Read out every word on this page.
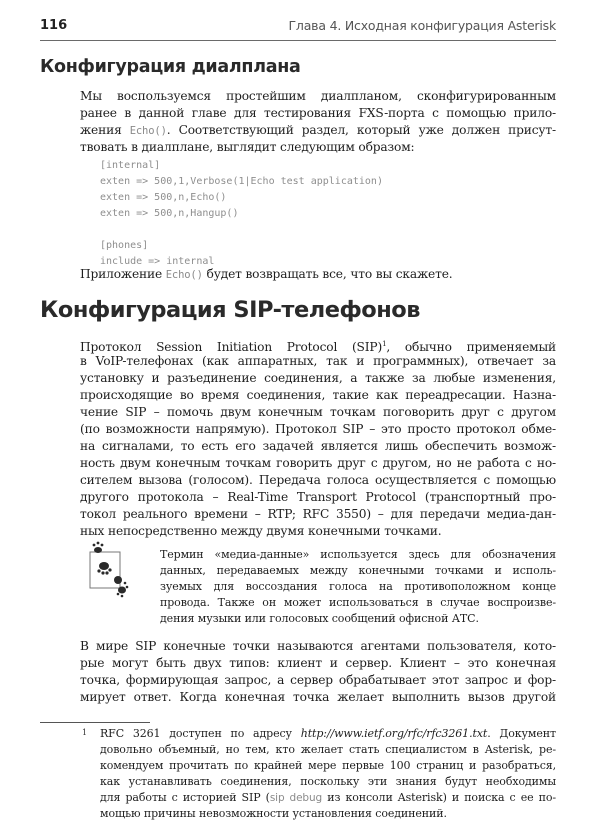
116	Глава 4. Исходная конфигурация Asterisk
Конфигурация диалплана
Мы воспользуемся простейшим диалпланом, сконфигурированным
ранее в данной главе для тестирования FXS-порта с помощью прило-
жения Echo(). Соответствующий раздел, который уже должен присут-
твовать в диалплане, выглядит следующим образом:
[internal]
exten => 500,1,Verbose(1|Echo test application)
exten => 500,n,Echo()
exten => 500,n,Hangup()
[phones]
include => internal
Приложение Echo() будет возвращать все, что вы скажете.
Конфигурация SIP-телефонов
Протокол Session Initiation Protocol (SIP)$^1$, обычно применяемый
в VoIP-телефонах (как аппаратных, так и программных), отвечает за
установку и разъединение соединения, а также за любые изменения,
происходящие во время соединения, такие как переадресации. Назна-
чение SIP – помочь двум конечным точкам поговорить друг с другом
(по возможности напрямую). Протокол SIP – это просто протокол обме-
на сигналами, то есть его задачей является лишь обеспечить возмож-
ность двум конечным точкам говорить друг с другом, но не работа с но-
сителем вызова (голосом). Передача голоса осуществляется с помощью
другого протокола – Real-Time Transport Protocol (транспортный про-
токол реального времени – RTP; RFC 3550) – для передачи медиа-дан-
ных непосредственно между двумя конечными точками.
Термин «медиа-данные» используется здесь для обозначения
данных, передаваемых между конечными точками и исполь-
зуемых для воссоздания голоса на противоположном конце
провода. Также он может использоваться в случае воспроизве-
дения музыки или голосовых сообщений офисной АТС.
В мире SIP конечные точки называются агентами пользователя, кото-
рые могут быть двух типов: клиент и сервер. Клиент – это конечная
точка, формирующая запрос, а сервер обрабатывает этот запрос и фор-
мирует ответ. Когда конечная точка желает выполнить вызов другой
1 RFC 3261 доступен по адресу http://www.ietf.org/rfc/rfc3261.txt. Документ
довольно объемный, но тем, кто желает стать специалистом в Asterisk, ре-
комендуем прочитать по крайней мере первые 100 страниц и разобраться,
как устанавливать соединения, поскольку эти знания будут необходимы
для работы с историей SIP (sip debug из консоли Asterisk) и поиска с ее по-
мощью причины невозможности установления соединений.
